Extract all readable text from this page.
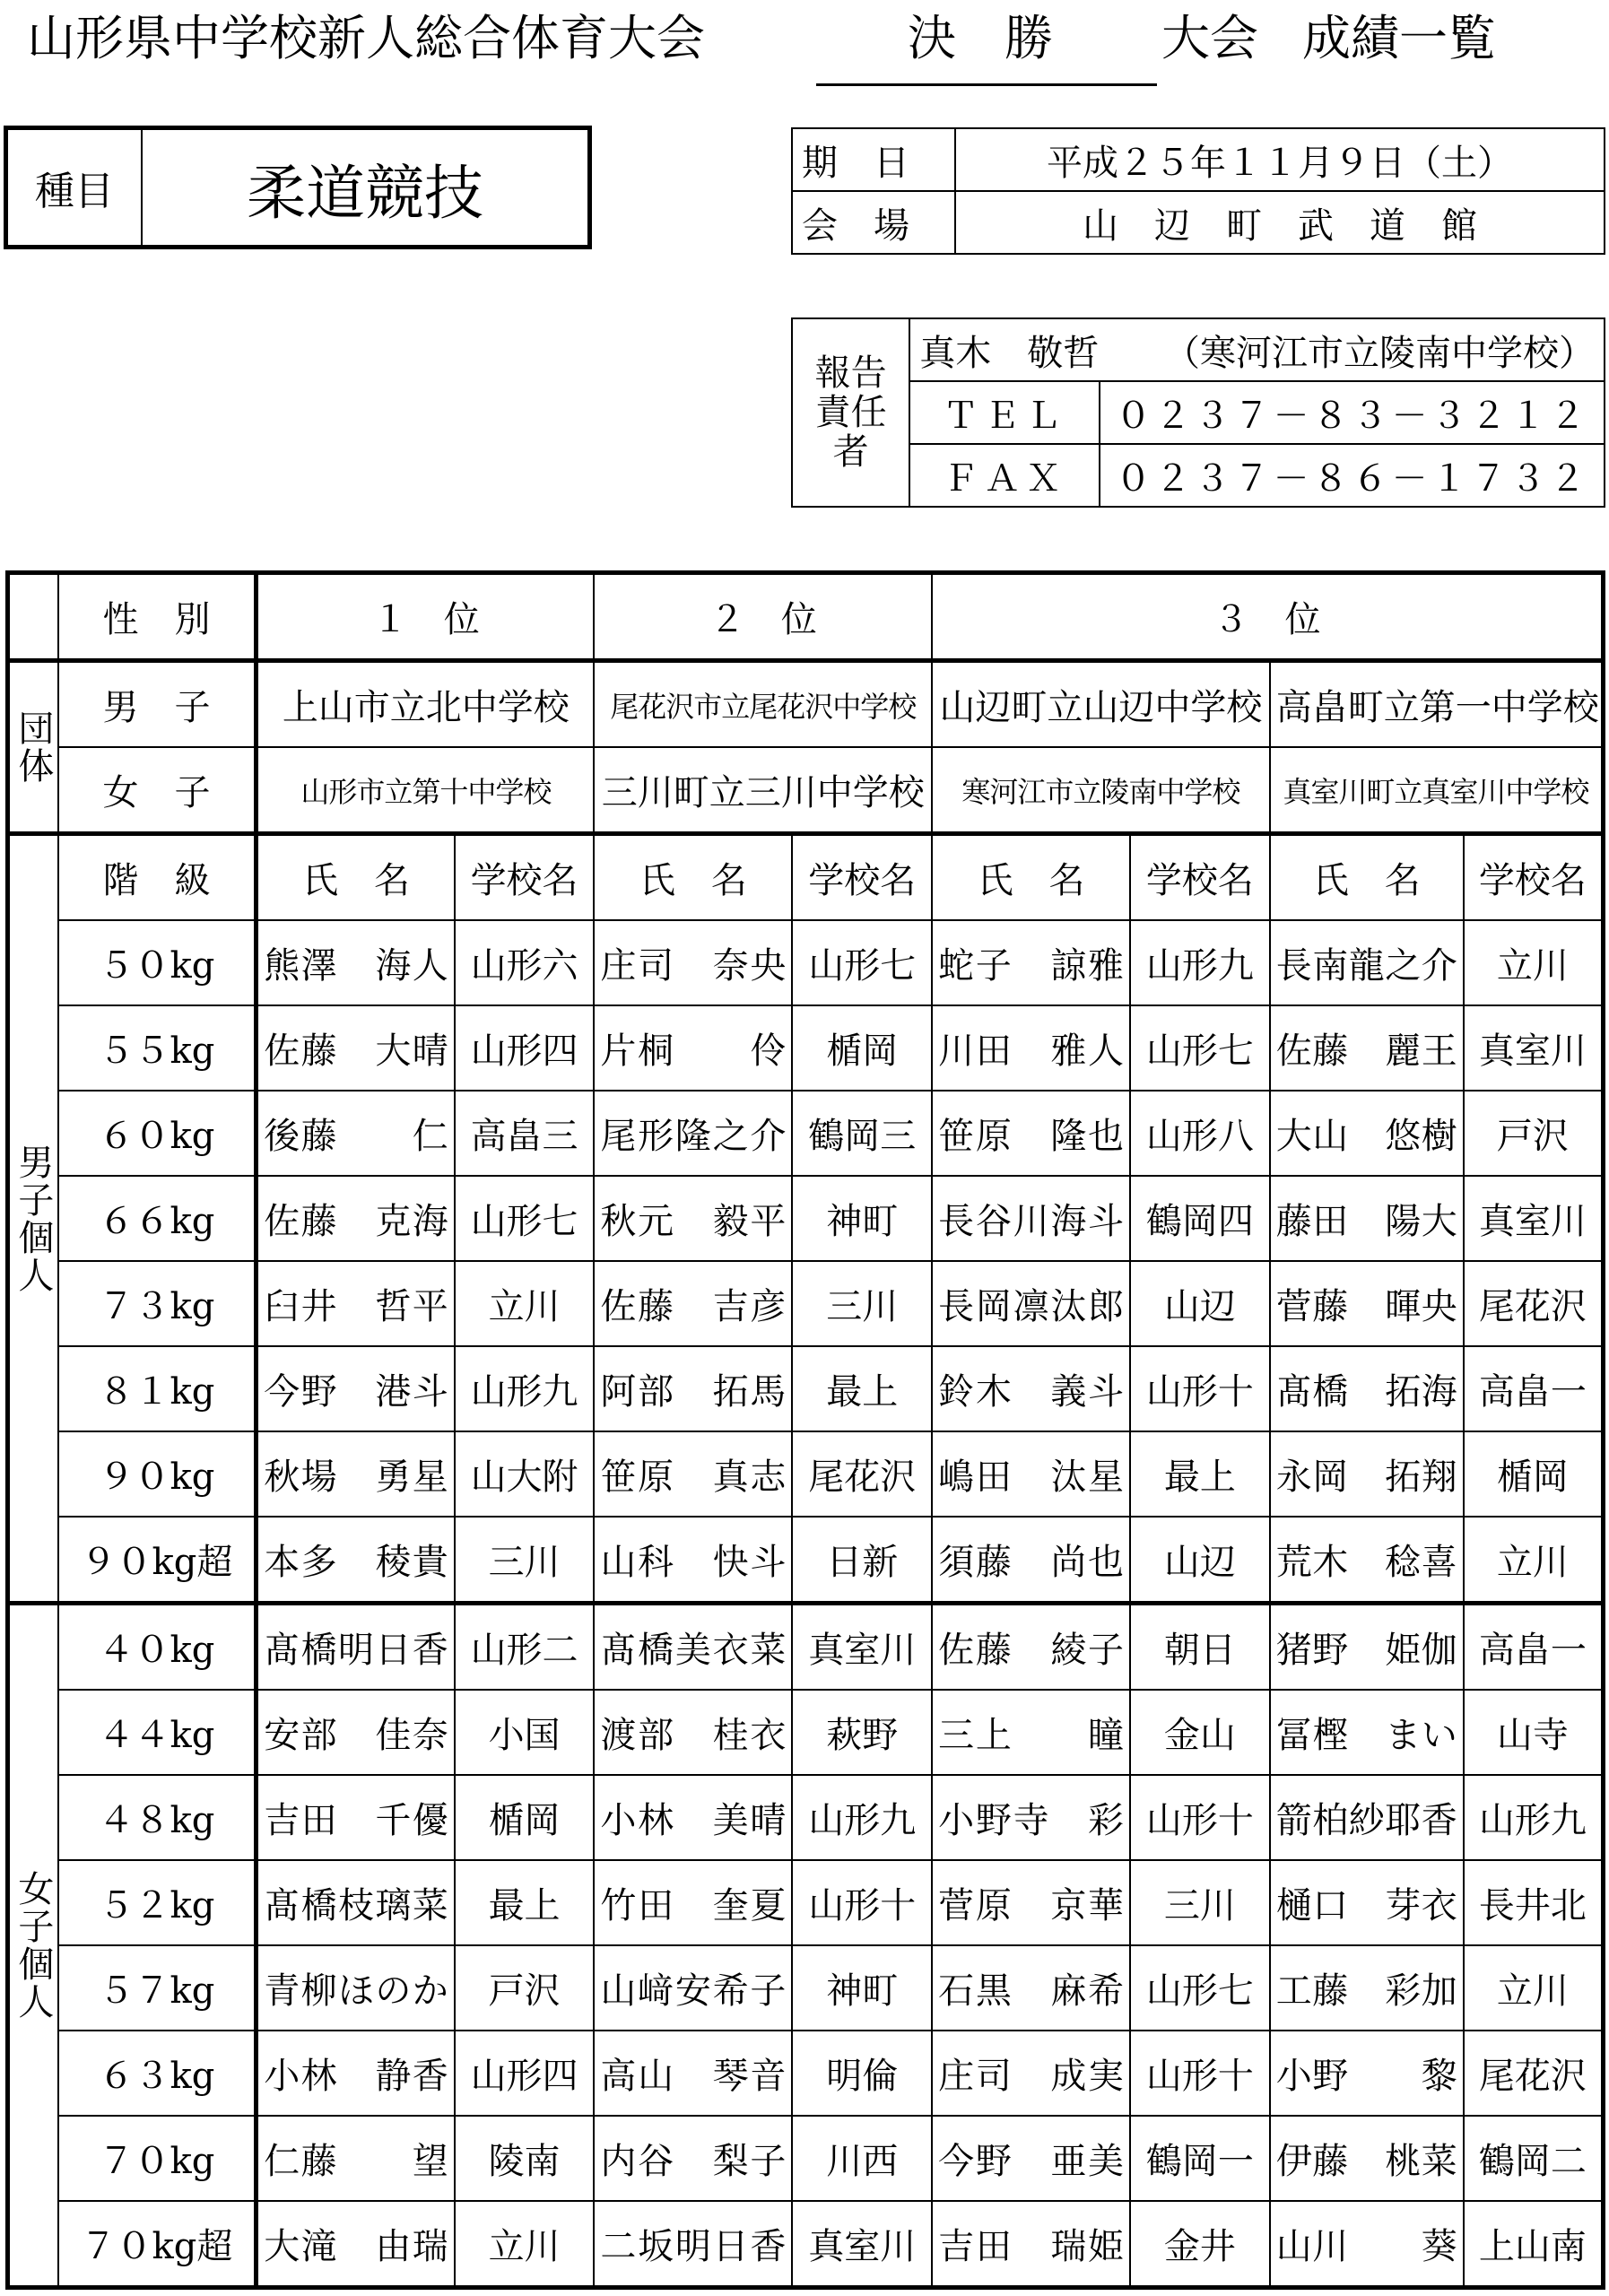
山形県中学校新人総合体育大会	決　勝 大会 成績一覧
種目	柔道競技	期日	平成２５年１１月９日（土）
会場	山　辺　町　武　道　館
報告責任者	真木　敬哲 （寒河江市立陵南中学校）	
	ＴＥＬ	０２３７－８３－３２１２
	ＦＡＸ	０２３７－８６－１７３２
	性　別	１　位		２　位		３　位			
団体	男　子	上山市立北中学校		尾花沢市立尾花沢中学校		山辺町立山辺中学校		高畠町立第一中学校	
	女　子	山形市立第十中学校		三川町立三川中学校		寒河江市立陵南中学校		真室川町立真室川中学校	
男子個人	階　級	氏　名	学校名	氏　名	学校名	氏　名	学校名	氏　名	学校名
	５０kg	熊澤　海人	山形六	庄司　奈央	山形七	蛇子　諒雅	山形九	長南龍之介	立川
	５５kg	佐藤　大晴	山形四	片桐　　伶	楯岡	川田　雅人	山形七	佐藤　麗王	真室川
	６０kg	後藤　　仁	高畠三	尾形隆之介	鶴岡三	笹原　隆也	山形八	大山　悠樹	戸沢
	６６kg	佐藤　克海	山形七	秋元　毅平	神町	長谷川海斗	鶴岡四	藤田　陽大	真室川
	７３kg	臼井　哲平	立川	佐藤　吉彦	三川	長岡凛汰郎	山辺	菅藤　暉央	尾花沢
	８１kg	今野　港斗	山形九	阿部　拓馬	最上	鈴木　義斗	山形十	髙橋　拓海	高畠一
	９０kg	秋場　勇星	山大附	笹原　真志	尾花沢	嶋田　汰星	最上	永岡　拓翔	楯岡
	９０kg超	本多　稜貴	三川	山科　快斗	日新	須藤　尚也	山辺	荒木　稔喜	立川
女子個人	４０kg	髙橋明日香	山形二	髙橋美衣菜	真室川	佐藤　綾子	朝日	猪野　姫伽	高畠一
	４４kg	安部　佳奈	小国	渡部　桂衣	萩野	三上　　瞳	金山	冨樫　まい	山寺
	４８kg	吉田　千優	楯岡	小林　美晴	山形九	小野寺　彩	山形十	箭柏紗耶香	山形九
	５２kg	髙橋枝璃菜	最上	竹田　奎夏	山形十	菅原　京華	三川	樋口　芽衣	長井北
	５７kg	青柳ほのか	戸沢	山﨑安希子	神町	石黒　麻希	山形七	工藤　彩加	立川
	６３kg	小林　静香	山形四	高山　琴音	明倫	庄司　成実	山形十	小野　　黎	尾花沢
	７０kg	仁藤　　望	陵南	内谷　梨子	川西	今野　亜美	鶴岡一	伊藤　桃菜	鶴岡二
	７０kg超	大滝　由瑞	立川	二坂明日香	真室川	吉田　瑞姫	金井	山川　　葵	上山南
